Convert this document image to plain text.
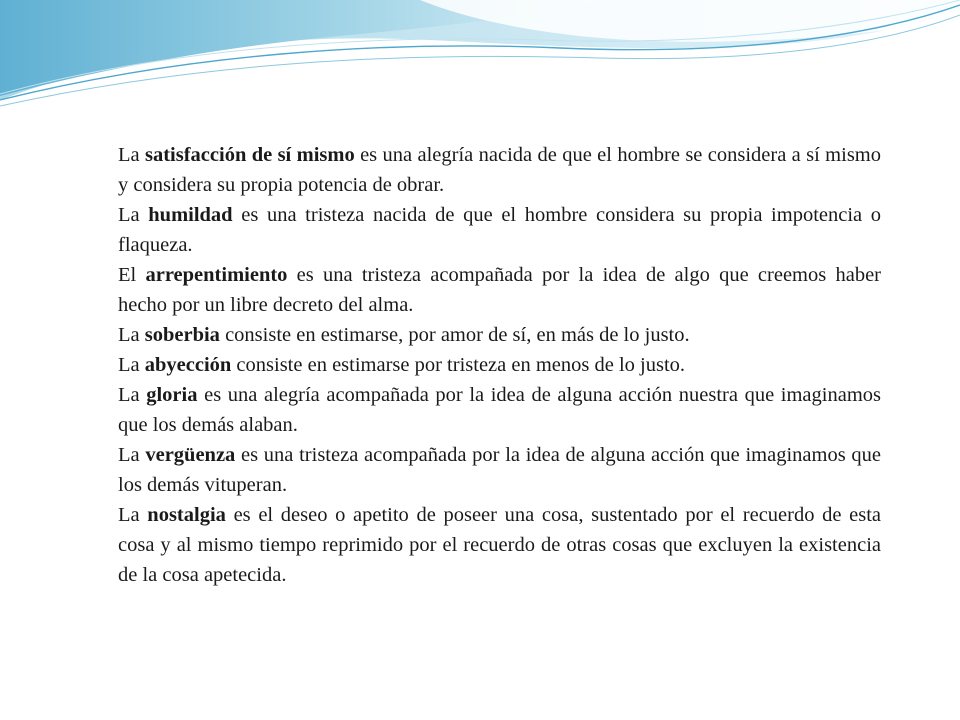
La satisfacción de sí mismo es una alegría nacida de que el hombre se considera a sí mismo y considera su propia potencia de obrar.

La humildad es una tristeza nacida de que el hombre considera su propia impotencia o flaqueza.

El arrepentimiento es una tristeza acompañada por la idea de algo que creemos haber hecho por un libre decreto del alma.

La soberbia consiste en estimarse, por amor de sí, en más de lo justo.

La abyección consiste en estimarse por tristeza en menos de lo justo.

La gloria es una alegría acompañada por la idea de alguna acción nuestra que imaginamos que los demás alaban.

La vergüenza es una tristeza acompañada por la idea de alguna acción que imaginamos que los demás vituperan.

La nostalgia es el deseo o apetito de poseer una cosa, sustentado por el recuerdo de esta cosa y al mismo tiempo reprimido por el recuerdo de otras cosas que excluyen la existencia de la cosa apetecida.
